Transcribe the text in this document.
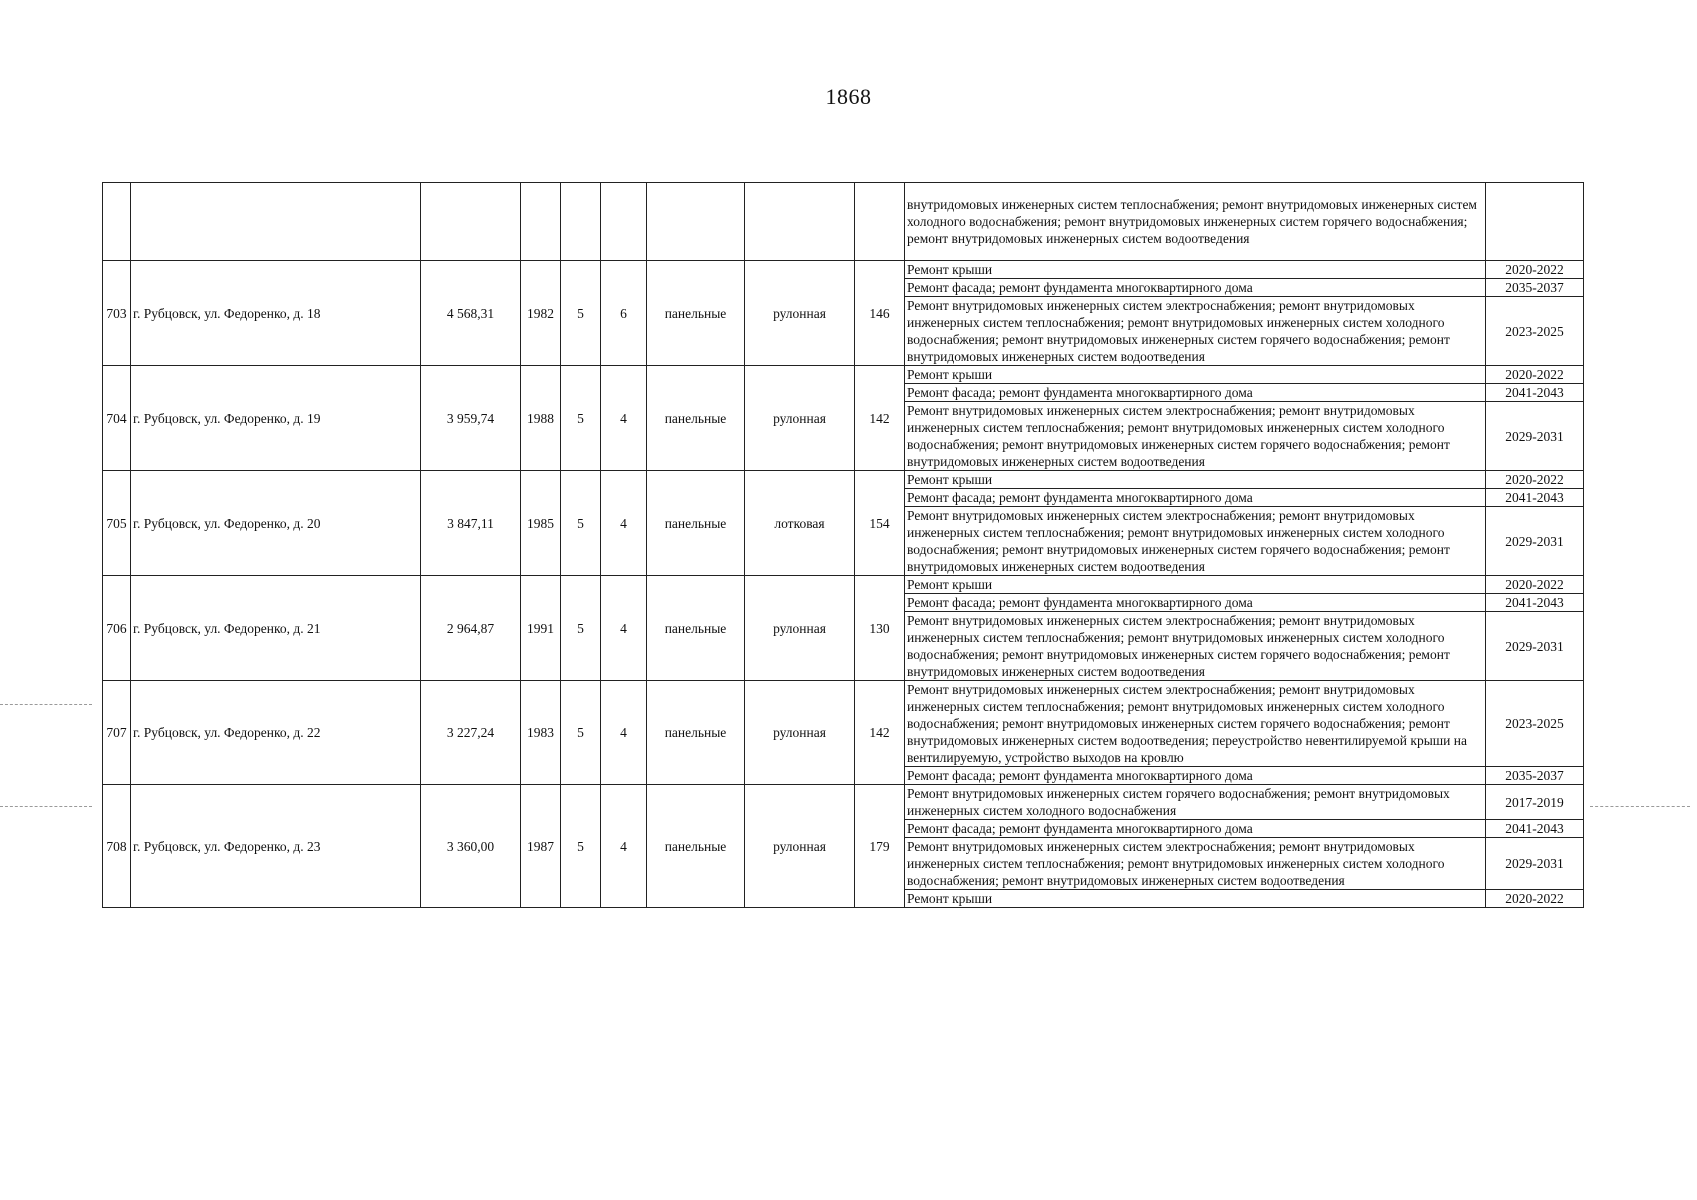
1868
									внутридомовых инженерных систем теплоснабжения; ремонт внутридомовых инженерных систем холодного водоснабжения; ремонт внутридомовых инженерных систем горячего водоснабжения; ремонт внутридомовых инженерных систем водоотведения	
703	г. Рубцовск, ул. Федоренко, д. 18	4 568,31	1982	5	6	панельные	рулонная	146	Ремонт крыши	2020-2022
									Ремонт фасада; ремонт фундамента многоквартирного дома	2035-2037
									Ремонт внутридомовых инженерных систем электроснабжения; ремонт внутридомовых инженерных систем теплоснабжения; ремонт внутридомовых инженерных систем холодного водоснабжения; ремонт внутридомовых инженерных систем горячего водоснабжения; ремонт внутридомовых инженерных систем водоотведения	2023-2025
704	г. Рубцовск, ул. Федоренко, д. 19	3 959,74	1988	5	4	панельные	рулонная	142	Ремонт крыши	2020-2022
									Ремонт фасада; ремонт фундамента многоквартирного дома	2041-2043
									Ремонт внутридомовых инженерных систем электроснабжения; ремонт внутридомовых инженерных систем теплоснабжения; ремонт внутридомовых инженерных систем холодного водоснабжения; ремонт внутридомовых инженерных систем горячего водоснабжения; ремонт внутридомовых инженерных систем водоотведения	2029-2031
705	г. Рубцовск, ул. Федоренко, д. 20	3 847,11	1985	5	4	панельные	лотковая	154	Ремонт крыши	2020-2022
									Ремонт фасада; ремонт фундамента многоквартирного дома	2041-2043
									Ремонт внутридомовых инженерных систем электроснабжения; ремонт внутридомовых инженерных систем теплоснабжения; ремонт внутридомовых инженерных систем холодного водоснабжения; ремонт внутридомовых инженерных систем горячего водоснабжения; ремонт внутридомовых инженерных систем водоотведения	2029-2031
706	г. Рубцовск, ул. Федоренко, д. 21	2 964,87	1991	5	4	панельные	рулонная	130	Ремонт крыши	2020-2022
									Ремонт фасада; ремонт фундамента многоквартирного дома	2041-2043
									Ремонт внутридомовых инженерных систем электроснабжения; ремонт внутридомовых инженерных систем теплоснабжения; ремонт внутридомовых инженерных систем холодного водоснабжения; ремонт внутридомовых инженерных систем горячего водоснабжения; ремонт внутридомовых инженерных систем водоотведения	2029-2031
707	г. Рубцовск, ул. Федоренко, д. 22	3 227,24	1983	5	4	панельные	рулонная	142	Ремонт внутридомовых инженерных систем электроснабжения; ремонт внутридомовых инженерных систем теплоснабжения; ремонт внутридомовых инженерных систем холодного водоснабжения; ремонт внутридомовых инженерных систем горячего водоснабжения; ремонт внутридомовых инженерных систем водоотведения; переустройство невентилируемой крыши на вентилируемую, устройство выходов на кровлю	2023-2025
									Ремонт фасада; ремонт фундамента многоквартирного дома	2035-2037
708	г. Рубцовск, ул. Федоренко, д. 23	3 360,00	1987	5	4	панельные	рулонная	179	Ремонт внутридомовых инженерных систем горячего водоснабжения; ремонт внутридомовых инженерных систем холодного водоснабжения	2017-2019
									Ремонт фасада; ремонт фундамента многоквартирного дома	2041-2043
									Ремонт внутридомовых инженерных систем электроснабжения; ремонт внутридомовых инженерных систем теплоснабжения; ремонт внутридомовых инженерных систем холодного водоснабжения; ремонт внутридомовых инженерных систем водоотведения	2029-2031
									Ремонт крыши	2020-2022
